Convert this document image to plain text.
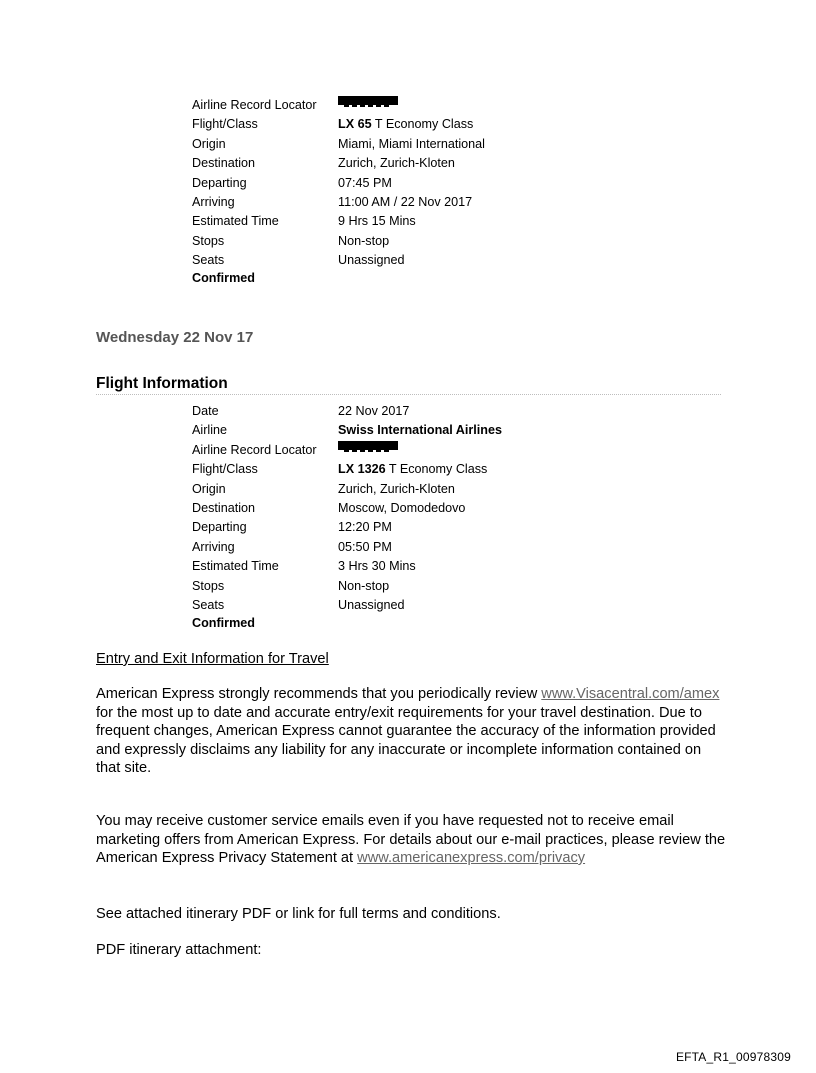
Airline Record Locator
Flight/Class	LX 65 T Economy Class
Origin	Miami, Miami International
Destination	Zurich, Zurich-Kloten
Departing	07:45 PM
Arriving	11:00 AM / 22 Nov 2017
Estimated Time	9 Hrs 15 Mins
Stops	Non-stop
Seats	Unassigned
Confirmed
Wednesday 22 Nov 17
Flight Information
Date	22 Nov 2017
Airline	Swiss International Airlines
Airline Record Locator
Flight/Class	LX 1326 T Economy Class
Origin	Zurich, Zurich-Kloten
Destination	Moscow, Domodedovo
Departing	12:20 PM
Arriving	05:50 PM
Estimated Time	3 Hrs 30 Mins
Stops	Non-stop
Seats	Unassigned
Confirmed
Entry and Exit Information for Travel
American Express strongly recommends that you periodically review www.Visacentral.com/amex for the most up to date and accurate entry/exit requirements for your travel destination. Due to frequent changes, American Express cannot guarantee the accuracy of the information provided and expressly disclaims any liability for any inaccurate or incomplete information contained on that site.
You may receive customer service emails even if you have requested not to receive email marketing offers from American Express. For details about our e-mail practices, please review the American Express Privacy Statement at www.americanexpress.com/privacy
See attached itinerary PDF or link for full terms and conditions.
PDF itinerary attachment:
EFTA_R1_00978309
